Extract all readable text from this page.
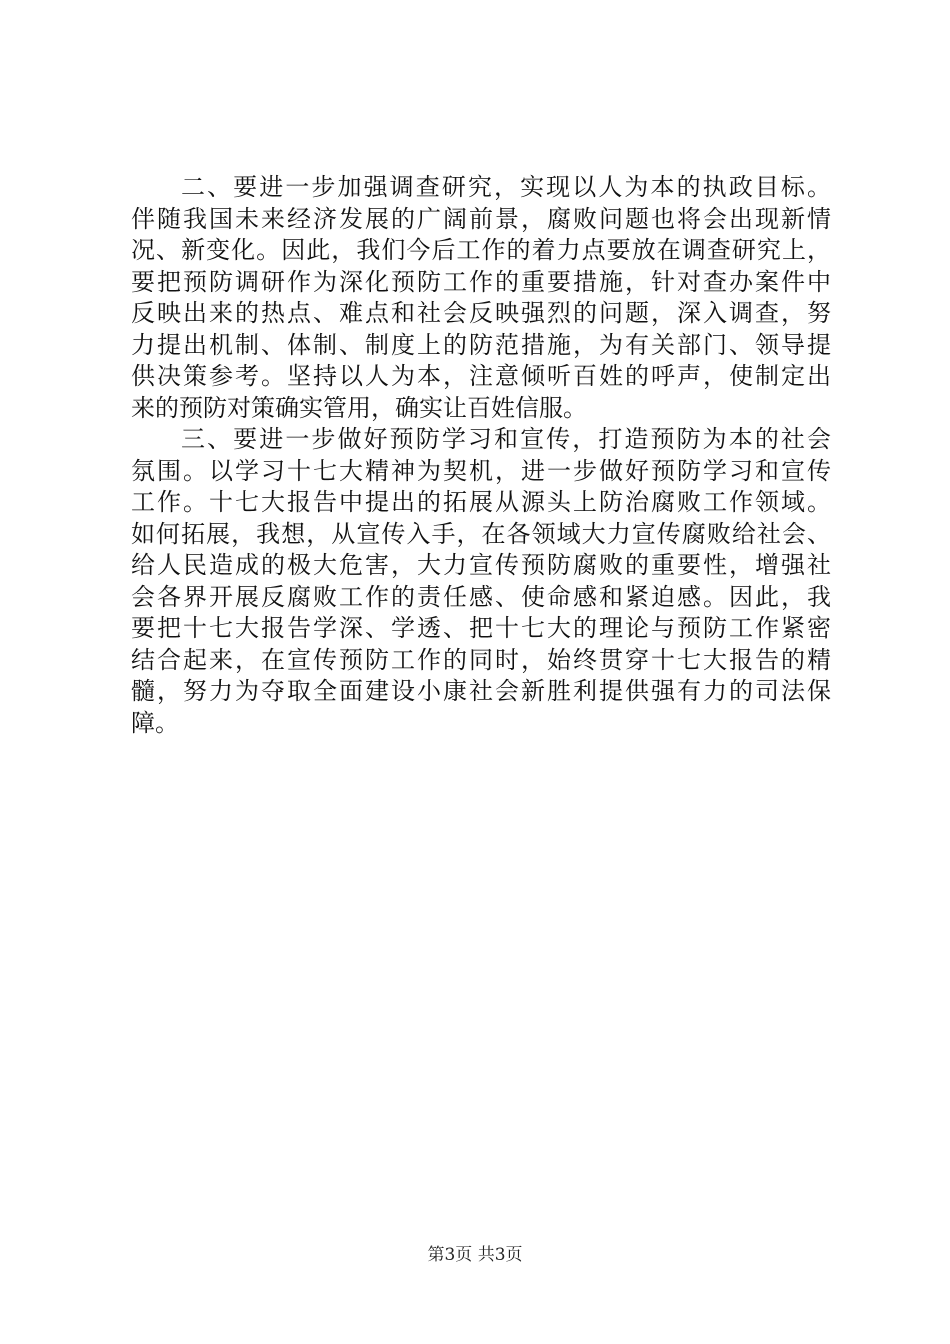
二、要进一步加强调查研究，实现以人为本的执政目标。
伴随我国未来经济发展的广阔前景，腐败问题也将会出现新情
况、新变化。因此，我们今后工作的着力点要放在调查研究上，
要把预防调研作为深化预防工作的重要措施，针对查办案件中
反映出来的热点、难点和社会反映强烈的问题，深入调查，努
力提出机制、体制、制度上的防范措施，为有关部门、领导提
供决策参考。坚持以人为本，注意倾听百姓的呼声，使制定出
来的预防对策确实管用，确实让百姓信服。
三、要进一步做好预防学习和宣传，打造预防为本的社会
氛围。以学习十七大精神为契机，进一步做好预防学习和宣传
工作。十七大报告中提出的拓展从源头上防治腐败工作领域。
如何拓展，我想，从宣传入手，在各领域大力宣传腐败给社会、
给人民造成的极大危害，大力宣传预防腐败的重要性，增强社
会各界开展反腐败工作的责任感、使命感和紧迫感。因此，我
要把十七大报告学深、学透、把十七大的理论与预防工作紧密
结合起来，在宣传预防工作的同时，始终贯穿十七大报告的精
髓，努力为夺取全面建设小康社会新胜利提供强有力的司法保
障。
第3页 共3页
